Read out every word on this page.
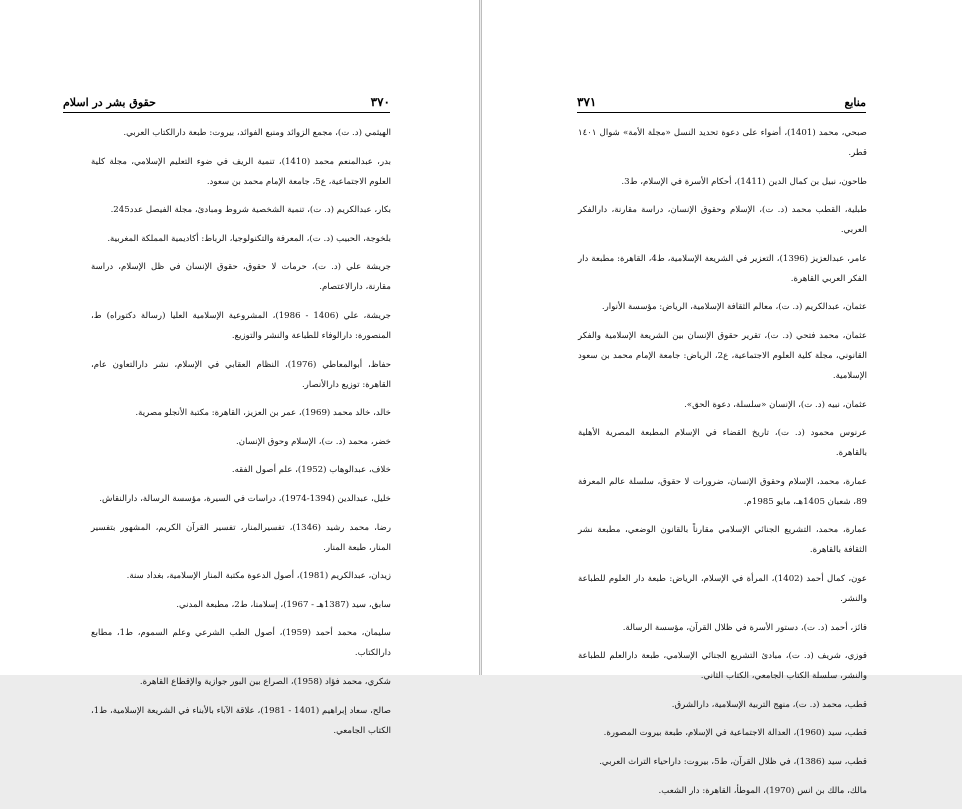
حقوق بشر در اسلام	٣٧٠

الهيثمي (د. ت)، مجمع الزوائد ومنبع الفوائد، بيروت: طبعة دارالكتاب العربي.

بدر، عبدالمنعم محمد (1410)، تنمية الريف في ضوء التعليم الإسلامي، مجلة كلية العلوم الاجتماعية، ع5، جامعة الإمام محمد بن سعود.

بكار، عبدالكريم (د. ت)، تنمية الشخصية شروط ومبادئ، مجلة الفيصل عدد245.

بلخوجة، الحبيب (د. ت)، المعرفة والتكنولوجيا، الرباط: أكاديمية المملكة المغربية.

جريشة علي (د. ت)، حرمات لا حقوق، حقوق الإنسان في ظل الإسلام، دراسة مقارنة، دارالاعتصام.

جريشة، علي (1406 - 1986)، المشروعية الإسلامية العليا (رسالة دكتوراه) ط، المنصورة: دارالوفاء للطباعة والنشر والتوزيع.

حفاظ، أبوالمعاطي (1976)، النظام العقابي في الإسلام، نشر دارالتعاون عام، القاهرة: توزيع دارالأنصار.

خالد، خالد محمد (1969)، عمر بن العزيز، القاهرة: مكتبة الأنجلو مصرية.

خضر، محمد (د. ت)، الإسلام وحوق الإنسان.

خلاف، عبدالوهاب (1952)، علم أصول الفقه.

خليل، عبدالدين (1394-1974)، دراسات في السيرة، مؤسسة الرسالة، دارالنقاش.

رضا، محمد رشيد (1346)، تفسيرالمنار، تفسير القرآن الكريم، المشهور بتفسير المنار، طبعة المنار.

زيدان، عبدالكريم (1981)، أصول الدعوة مكتبة المنار الإسلامية، بغداد سنة.

سابق، سيد (1387هـ - 1967)، إسلامنا، ط2، مطبعة المدني.

سليمان، محمد أحمد (1959)، أصول الطب الشرعي وعلم السموم، ط1، مطابع دارالكتاب.

شكري، محمد فؤاد (1958)، الصراع بين البور جوازية والإقطاع القاهرة.

صالح، سعاد إبراهيم (1401 - 1981)، علاقة الآباء بالأبناء في الشريعة الإسلامية، ط1، الكتاب الجامعي.

منابع
٣٧١

صبحي، محمد (1401)، أضواء على دعوة تحديد النسل «مجلة الأمة» شوال ١٤٠١ قطر.

طاحون، نبيل بن كمال الدين (1411)، أحكام الأسرة في الإسلام، ط3.

طبلية، القطب محمد (د. ت)، الإسلام وحقوق الإنسان، دراسة مقارنة، دارالفكر العربي.

عامر، عبدالعزيز (1396)، التعزير في الشريعة الإسلامية، ط4، القاهرة: مطبعة دار الفكر العربي القاهرة.

عثمان، عبدالكريم (د. ت)، معالم الثقافة الإسلامية، الرياض: مؤسسة الأنوار.

عثمان، محمد فتحي (د. ت)، تقرير حقوق الإنسان بين الشريعة الإسلامية والفكر القانوني، مجلة كلية العلوم الاجتماعية، ع2، الرياض: جامعة الإمام محمد بن سعود الإسلامية.

عثمان، نبيه (د. ت)، الإنسان «سلسلة، دعوة الحق».

عرنوس محمود (د. ت)، تاريخ القضاء في الإسلام المطبعة المصرية الأهلية بالقاهرة.

عمارة، محمد، الإسلام وحقوق الإنسان، ضرورات لا حقوق، سلسلة عالم المعرفة 89، شعبان 1405هـ، مايو 1985م.

عمارة، محمد، التشريع الجنائي الإسلامي مقارناً بالقانون الوضعي، مطبعة نشر الثقافة بالقاهرة.

عون، كمال أحمد (1402)، المرأة في الإسلام، الرياض: طبعة دار العلوم للطباعة والنشر.

فائز، أحمد (د. ت)، دستور الأسرة في ظلال القرآن، مؤسسة الرسالة.

فوزي، شريف (د. ت)، مبادئ التشريع الجنائي الإسلامي، طبعة دارالعلم للطباعة والنشر، سلسلة الكتاب الجامعي، الكتاب الثاني.

قطب، محمد (د. ت)، منهج التربية الإسلامية، دارالشرق.

قطب، سيد (1960)، العدالة الاجتماعية في الإسلام، طبعة بيروت المصورة.

قطب، سيد (1386)، في ظلال القرآن، ط5، بيروت: داراحياء التراث العربي.

مالك، مالك بن انس (1970)، الموطأ، القاهرة: دار الشعب.
